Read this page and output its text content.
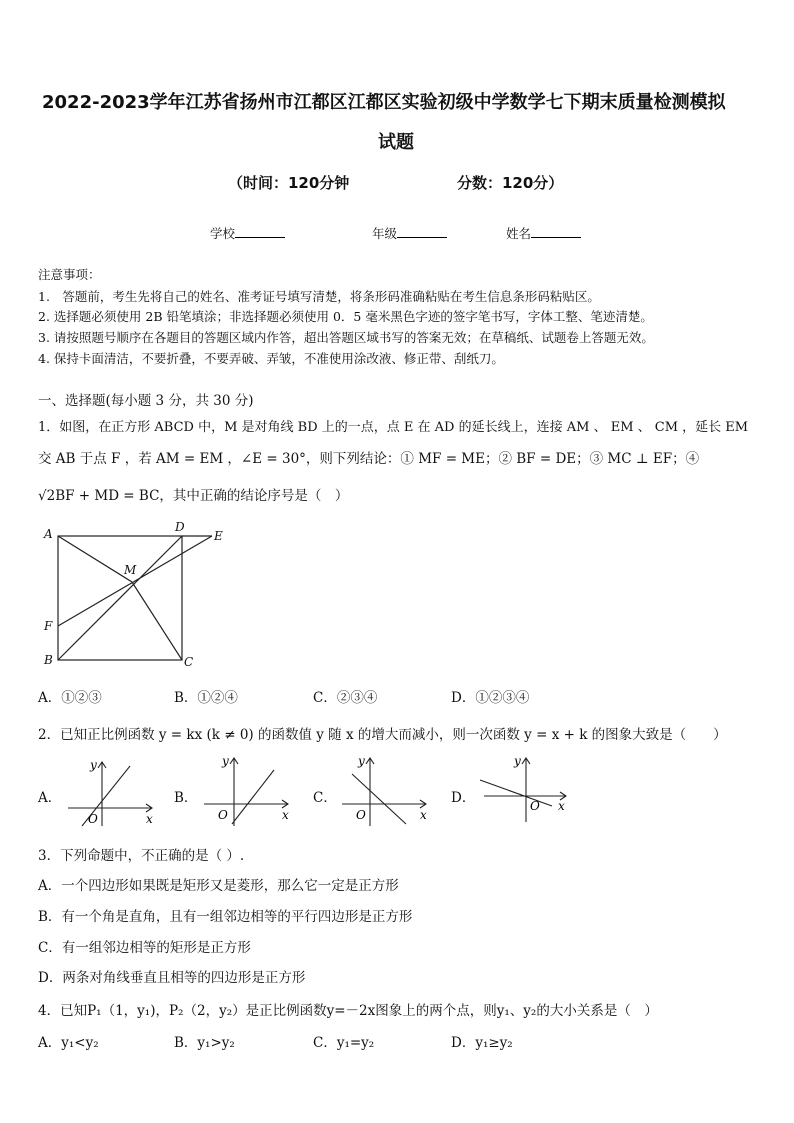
2022-2023学年江苏省扬州市江都区江都区实验初级中学数学七下期末质量检测模拟
试题
（时间：120分钟	分数：120分）
学校	年级	姓名
注意事项：
1.　答题前，考生先将自己的姓名、准考证号填写清楚，将条形码准确粘贴在考生信息条形码粘贴区。
2. 选择题必须使用 2B 铅笔填涂；非选择题必须使用 0．5 毫米黑色字迹的签字笔书写，字体工整、笔迹清楚。
3. 请按照题号顺序在各题目的答题区域内作答，超出答题区域书写的答案无效；在草稿纸、试题卷上答题无效。
4. 保持卡面清洁，不要折叠，不要弄破、弄皱，不准使用涂改液、修正带、刮纸刀。
一、选择题(每小题 3 分，共 30 分)
1．如图，在正方形 ABCD 中，M 是对角线 BD 上的一点，点 E 在 AD 的延长线上，连接 AM 、 EM 、 CM ，延长 EM
交 AB 于点 F ，若 AM = EM ，∠E = 30°，则下列结论：① MF = ME；② BF = DE；③ MC ⊥ EF；④
√2BF + MD = BC，其中正确的结论序号是（　）
A	D
E
M
F
B	C
A．①②③	B．①②④	C．②③④	D．①②③④
2．已知正比例函数 y = kx (k ≠ 0) 的函数值 y 随 x 的增大而减小，则一次函数 y = x + k 的图象大致是（　　）
A．
y
x
O
B．
y
x
O
C．
y
x
O
D．
y
x
O
3．下列命题中，不正确的是（ ）.
A．一个四边形如果既是矩形又是菱形，那么它一定是正方形
B．有一个角是直角，且有一组邻边相等的平行四边形是正方形
C．有一组邻边相等的矩形是正方形
D．两条对角线垂直且相等的四边形是正方形
4．已知P₁（1，y₁)，P₂（2，y₂）是正比例函数y=－2x图象上的两个点，则y₁、y₂的大小关系是（　）
A．y₁<y₂	B．y₁>y₂	C．y₁=y₂	D．y₁≥y₂
